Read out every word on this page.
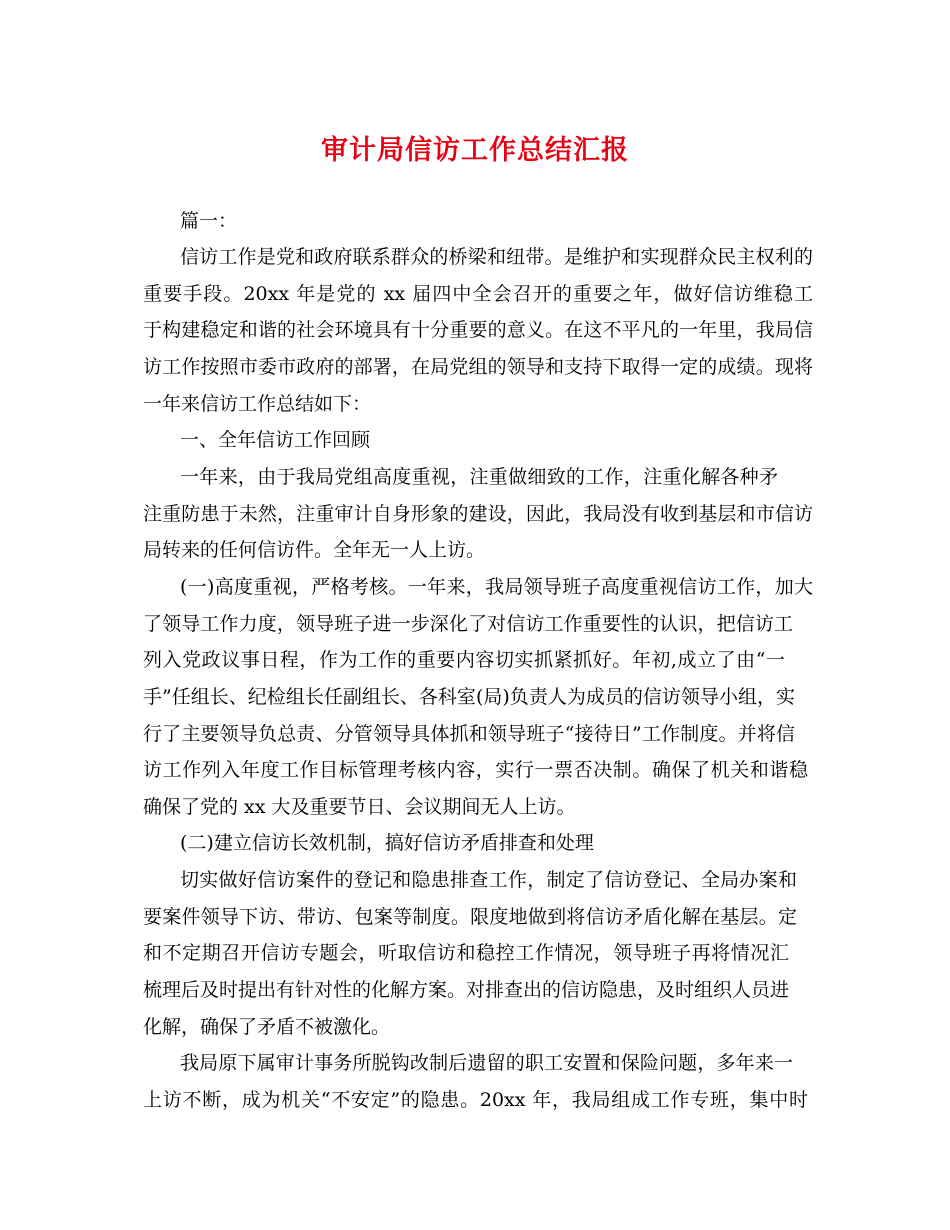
审计局信访工作总结汇报
篇一：
信访工作是党和政府联系群众的桥梁和纽带。是维护和实现群众民主权利的
重要手段。20xx 年是党的 xx 届四中全会召开的重要之年，做好信访维稳工
于构建稳定和谐的社会环境具有十分重要的意义。在这不平凡的一年里，我局信
访工作按照市委市政府的部署，在局党组的领导和支持下取得一定的成绩。现将
一年来信访工作总结如下：
一、全年信访工作回顾
一年来，由于我局党组高度重视，注重做细致的工作，注重化解各种矛
注重防患于未然，注重审计自身形象的建设，因此，我局没有收到基层和市信访
局转来的任何信访件。全年无一人上访。
(一)高度重视，严格考核。一年来，我局领导班子高度重视信访工作，加大
了领导工作力度，领导班子进一步深化了对信访工作重要性的认识，把信访工
列入党政议事日程，作为工作的重要内容切实抓紧抓好。年初,成立了由“一
手”任组长、纪检组长任副组长、各科室(局)负责人为成员的信访领导小组，实
行了主要领导负总责、分管领导具体抓和领导班子“接待日”工作制度。并将信
访工作列入年度工作目标管理考核内容，实行一票否决制。确保了机关和谐稳
确保了党的 xx 大及重要节日、会议期间无人上访。
(二)建立信访长效机制，搞好信访矛盾排查和处理
切实做好信访案件的登记和隐患排查工作，制定了信访登记、全局办案和
要案件领导下访、带访、包案等制度。限度地做到将信访矛盾化解在基层。定
和不定期召开信访专题会，听取信访和稳控工作情况，领导班子再将情况汇
梳理后及时提出有针对性的化解方案。对排查出的信访隐患，及时组织人员进
化解，确保了矛盾不被激化。
我局原下属审计事务所脱钩改制后遗留的职工安置和保险问题，多年来一
上访不断，成为机关“不安定”的隐患。20xx 年，我局组成工作专班，集中时
